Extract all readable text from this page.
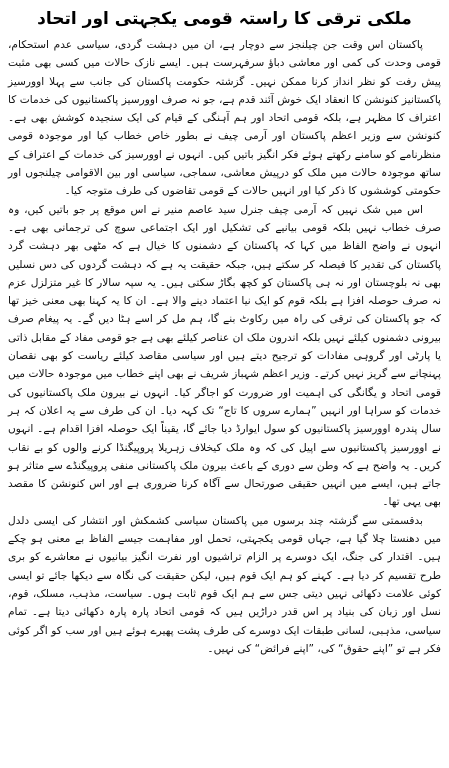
ملکی ترقی کا راستہ قومی یکجہتی اور اتحاد

پاکستان اس وقت جن چیلنجز سے دوچار ہے، ان میں دہشت گردی، سیاسی عدم استحکام، قومی وحدت کی کمی اور معاشی دباؤ سرفہرست ہیں۔ ایسے نازک حالات میں کسی بھی مثبت پیش رفت کو نظر انداز کرنا ممکن نہیں۔ گزشتہ حکومت پاکستان کی جانب سے پہلا اوورسیز پاکستانیز کنونشن کا انعقاد ایک خوش آئند قدم ہے، جو نہ صرف اوورسیز پاکستانیوں کی خدمات کا اعتراف کا مظہر ہے، بلکہ قومی اتحاد اور ہم آہنگی کے قیام کی ایک سنجیدہ کوشش بھی ہے۔ کنونشن سے وزیر اعظم پاکستان اور آرمی چیف نے بطور خاص خطاب کیا اور موجودہ قومی منظرنامے کو سامنے رکھتے ہوئے فکر انگیز باتیں کیں۔ انہوں نے اوورسیز کی خدمات کے اعتراف کے ساتھ موجودہ حالات میں ملک کو درپیش معاشی، سماجی، سیاسی اور بین الاقوامی چیلنجوں اور حکومتی کوششوں کا ذکر کیا اور انہیں حالات کے قومی تقاضوں کی طرف متوجہ کیا۔

اس میں شک نہیں کہ آرمی چیف جنرل سید عاصم منیر نے اس موقع پر جو باتیں کیں، وہ صرف خطاب نہیں بلکہ قومی بیانیے کی تشکیل اور ایک اجتماعی سوچ کی ترجمانی بھی ہے۔ انہوں نے واضح الفاظ میں کہا کہ پاکستان کے دشمنوں کا خیال ہے کہ مٹھی بھر دہشت گرد پاکستان کی تقدیر کا فیصلہ کر سکتے ہیں، جبکہ حقیقت یہ ہے کہ دہشت گردوں کی دس نسلیں بھی نہ بلوچستان اور نہ ہی پاکستان کو کچھ بگاڑ سکتی ہیں۔ یہ سپہ سالار کا غیر متزلزل عزم نہ صرف حوصلہ افزا ہے بلکہ قوم کو ایک نیا اعتماد دینے والا ہے۔ ان کا یہ کہنا بھی معنی خیز تھا کہ جو پاکستان کی ترقی کی راہ میں رکاوٹ بنے گا، ہم مل کر اسے ہٹا دیں گے۔ یہ پیغام صرف بیرونی دشمنوں کیلئے نہیں بلکہ اندرون ملک ان عناصر کیلئے بھی ہے جو قومی مفاد کے مقابل ذاتی یا پارٹی اور گروہی مفادات کو ترجیح دیتے ہیں اور سیاسی مقاصد کیلئے ریاست کو بھی نقصان پہنچانے سے گریز نہیں کرتے۔ وزیر اعظم شہباز شریف نے بھی اپنے خطاب میں موجودہ حالات میں قومی اتحاد و یگانگی کی اہمیت اور ضرورت کو اجاگر کیا۔ انہوں نے بیرون ملک پاکستانیوں کی خدمات کو سراہا اور انہیں ”ہمارے سروں کا تاج“ تک کہہ دیا۔ ان کی طرف سے یہ اعلان کہ ہر سال پندرہ اوورسیز پاکستانیوں کو سول ایوارڈ دیا جائے گا، یقیناً ایک حوصلہ افزا اقدام ہے۔ انہوں نے اوورسیز پاکستانیوں سے اپیل کی کہ وہ ملک کیخلاف زہریلا پروپیگنڈا کرنے والوں کو بے نقاب کریں۔ یہ واضح ہے کہ وطن سے دوری کے باعث بیرون ملک پاکستانی منفی پروپیگنڈے سے متاثر ہو جاتے ہیں، ایسے میں انہیں حقیقی صورتحال سے آگاہ کرنا ضروری ہے اور اس کنونشن کا مقصد بھی یہی تھا۔

بدقسمتی سے گزشتہ چند برسوں میں پاکستان سیاسی کشمکش اور انتشار کی ایسی دلدل میں دھنستا چلا گیا ہے، جہاں قومی یکجہتی، تحمل اور مفاہمت جیسے الفاظ بے معنی ہو چکے ہیں۔ اقتدار کی جنگ، ایک دوسرے پر الزام تراشیوں اور نفرت انگیز بیانیوں نے معاشرے کو بری طرح تقسیم کر دیا ہے۔ کہنے کو ہم ایک قوم ہیں، لیکن حقیقت کی نگاہ سے دیکھا جائے تو ایسی کوئی علامت دکھائی نہیں دیتی جس سے ہم ایک قوم ثابت ہوں۔ سیاست، مذہب، مسلک، قوم، نسل اور زبان کی بنیاد پر اس قدر دراڑیں ہیں کہ قومی اتحاد پارہ پارہ دکھائی دیتا ہے۔ تمام سیاسی، مذہبی، لسانی طبقات ایک دوسرے کی طرف پشت پھیرے ہوئے ہیں اور سب کو اگر کوئی فکر ہے تو ”اپنے حقوق“ کی، ”اپنے فرائض“ کی نہیں۔
